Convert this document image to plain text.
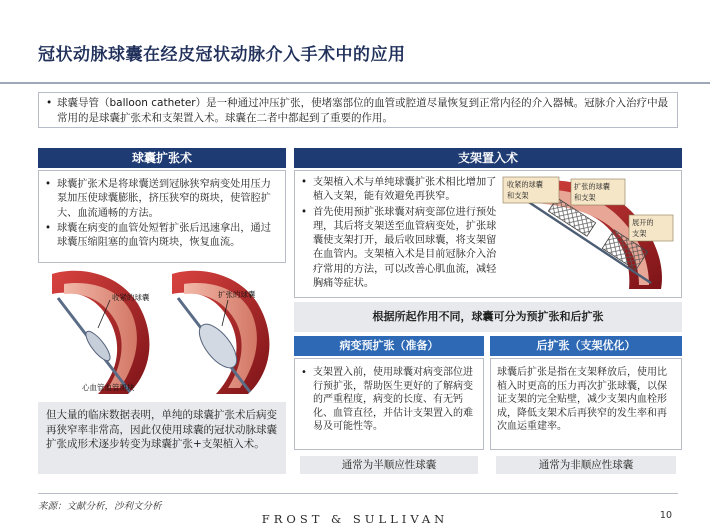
冠状动脉球囊在经皮冠状动脉介入手术中的应用
• 球囊导管（balloon catheter）是一种通过冲压扩张，使堵塞部位的血管或腔道尽量恢复到正常内径的介入器械。冠脉介入治疗中最常用的是球囊扩张术和支架置入术。球囊在二者中都起到了重要的作用。
球囊扩张术
• 球囊扩张术是将球囊送到冠脉狭窄病变处用压力泵加压使球囊膨胀，挤压狭窄的斑块，使管腔扩大、血流通畅的方法。
• 球囊在病变的血管处短暂扩张后迅速拿出，通过球囊压缩阻塞的血管内斑块，恢复血流。
收紧的球囊	扩张的球囊
心血管血管斑块
但大量的临床数据表明，单纯的球囊扩张术后病变再狭窄率非常高，因此仅使用球囊的冠状动脉球囊扩张成形术逐步转变为球囊扩张+支架植入术。
支架置入术
• 支架植入术与单纯球囊扩张术相比增加了植入支架，能有效避免再狭窄。
• 首先使用预扩张球囊对病变部位进行预处理，其后将支架送至血管病变处，扩张球囊使支架打开，最后收回球囊，将支架留在血管内。支架植入术是目前冠脉介入治疗常用的方法，可以改善心肌血流，减轻胸痛等症状。
收紧的球囊
和支架
扩张的球囊
和支架
展开的
支架
根据所起作用不同，球囊可分为预扩张和后扩张
病变预扩张（准备）	后扩张（支架优化）
• 支架置入前，使用球囊对病变部位进行预扩张，帮助医生更好的了解病变的严重程度，病变的长度、有无钙化、血管直径，并估计支架置入的难易及可能性等。
球囊后扩张是指在支架释放后，使用比植入时更高的压力再次扩张球囊，以保证支架的完全贴壁，减少支架内血栓形成，降低支架术后再狭窄的发生率和再次血运重建率。
通常为半顺应性球囊	通常为非顺应性球囊
来源：文献分析，沙利文分析
FROST & SULLIVAN	10
